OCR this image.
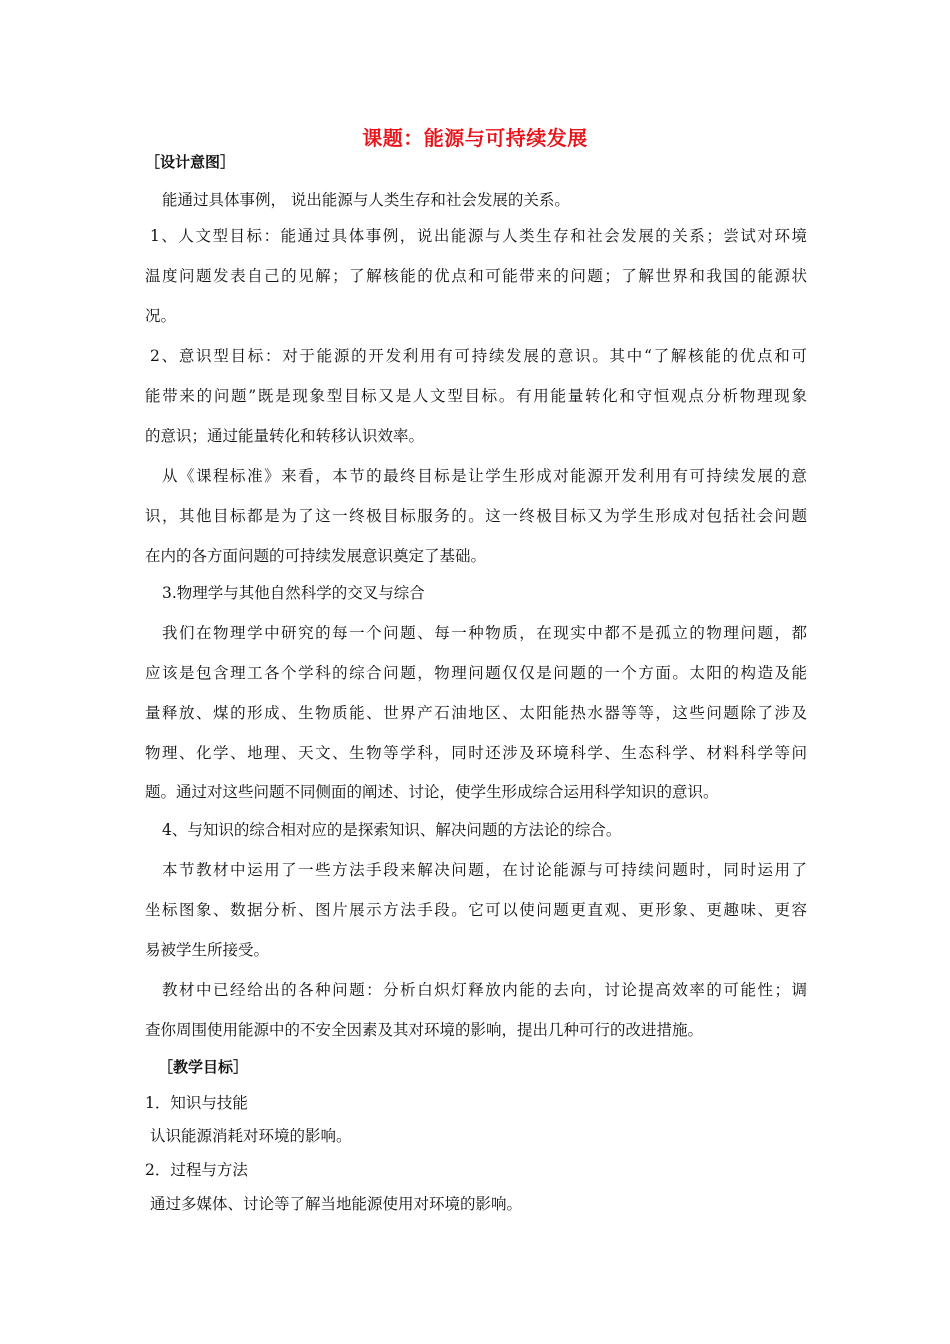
课题：能源与可持续发展
［设计意图］
能通过具体事例， 说出能源与人类生存和社会发展的关系。
1、人文型目标：能通过具体事例，说出能源与人类生存和社会发展的关系；尝试对环境
温度问题发表自己的见解；了解核能的优点和可能带来的问题；了解世界和我国的能源状
况。
2、意识型目标：对于能源的开发利用有可持续发展的意识。其中“了解核能的优点和可
能带来的问题”既是现象型目标又是人文型目标。有用能量转化和守恒观点分析物理现象
的意识；通过能量转化和转移认识效率。
从《课程标准》来看，本节的最终目标是让学生形成对能源开发利用有可持续发展的意
识，其他目标都是为了这一终极目标服务的。这一终极目标又为学生形成对包括社会问题
在内的各方面问题的可持续发展意识奠定了基础。
3.物理学与其他自然科学的交叉与综合
我们在物理学中研究的每一个问题、每一种物质，在现实中都不是孤立的物理问题，都
应该是包含理工各个学科的综合问题，物理问题仅仅是问题的一个方面。太阳的构造及能
量释放、煤的形成、生物质能、世界产石油地区、太阳能热水器等等，这些问题除了涉及
物理、化学、地理、天文、生物等学科，同时还涉及环境科学、生态科学、材料科学等问
题。通过对这些问题不同侧面的阐述、讨论，使学生形成综合运用科学知识的意识。
4、与知识的综合相对应的是探索知识、解决问题的方法论的综合。
本节教材中运用了一些方法手段来解决问题，在讨论能源与可持续问题时，同时运用了
坐标图象、数据分析、图片展示方法手段。它可以使问题更直观、更形象、更趣味、更容
易被学生所接受。
教材中已经给出的各种问题：分析白炽灯释放内能的去向，讨论提高效率的可能性；调
查你周围使用能源中的不安全因素及其对环境的影响，提出几种可行的改进措施。
［教学目标］
1．知识与技能
认识能源消耗对环境的影响。
2．过程与方法
通过多媒体、讨论等了解当地能源使用对环境的影响。
